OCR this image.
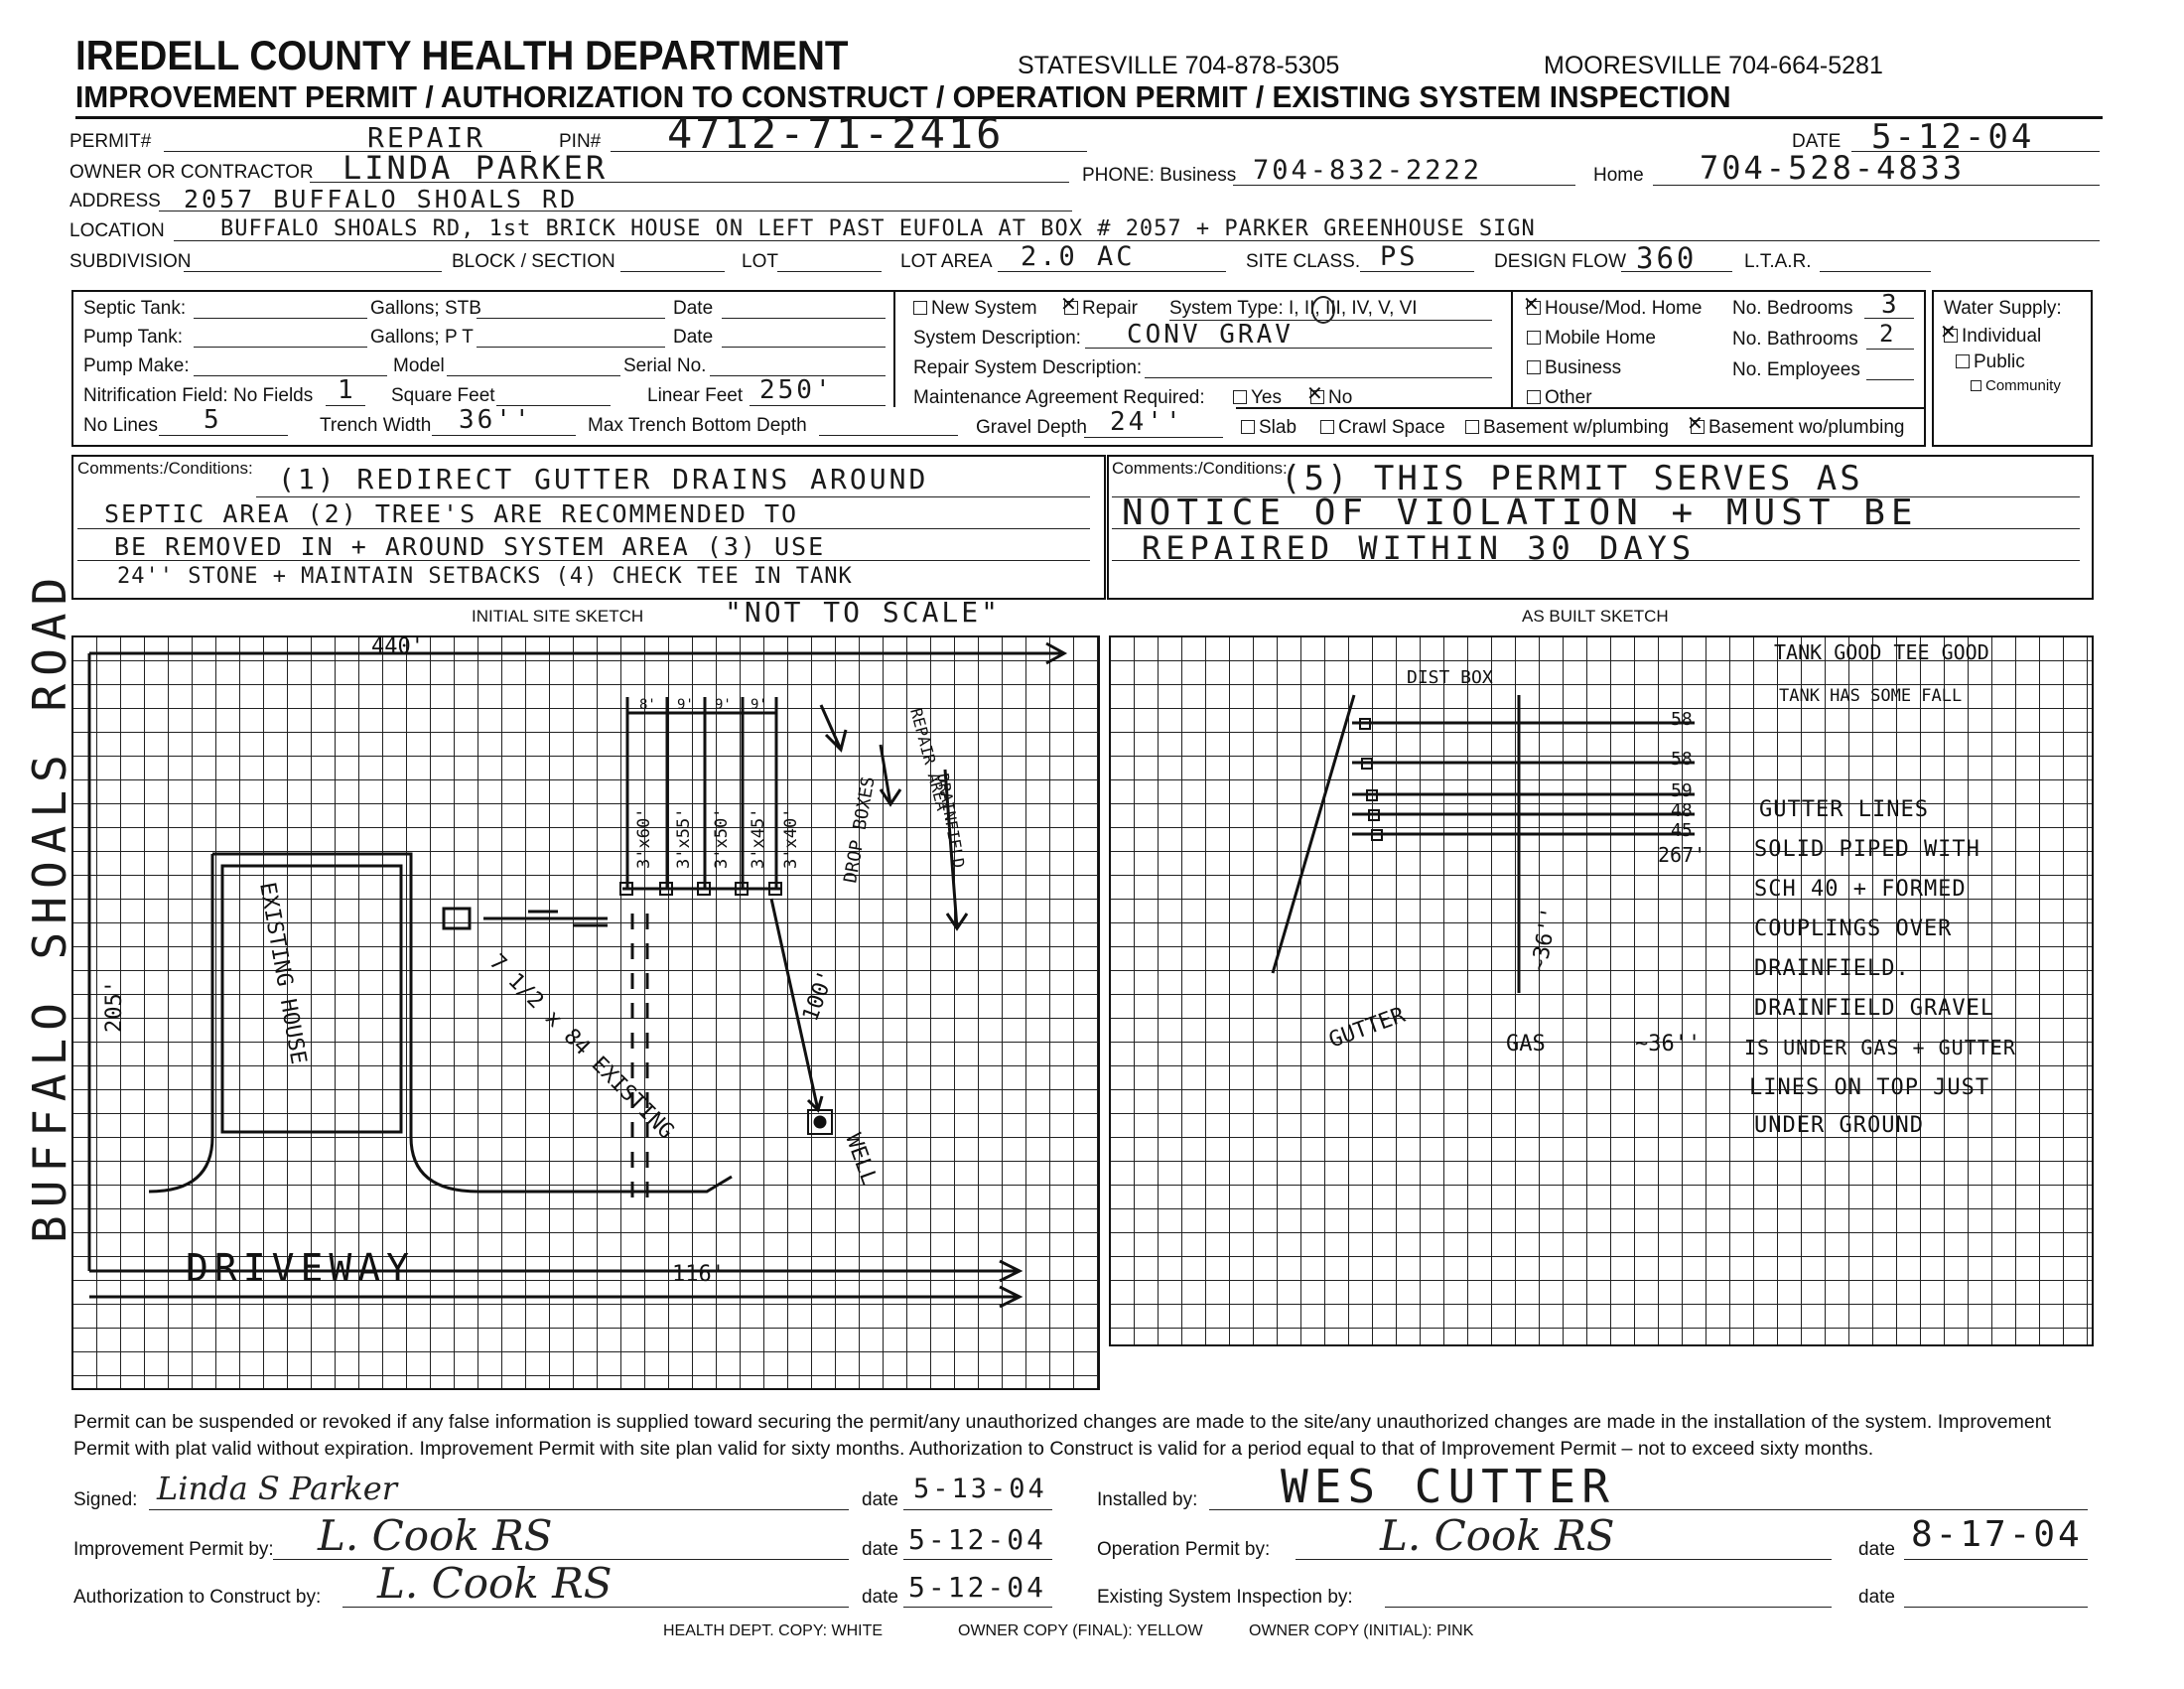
IREDELL COUNTY HEALTH DEPARTMENT	STATESVILLE 704-878-5305	MOORESVILLE 704-664-5281
IMPROVEMENT PERMIT / AUTHORIZATION TO CONSTRUCT / OPERATION PERMIT / EXISTING SYSTEM INSPECTION
PERMIT#	REPAIR	PIN# 4712-71-2416	DATE 5-12-04
OWNER OR CONTRACTOR LINDA PARKER	PHONE: Business 704-832-2222	Home 704-528-4833
ADDRESS 2057 BUFFALO SHOALS RD
LOCATION	BUFFALO SHOALS RD, 1st BRICK HOUSE ON LEFT PAST EUFOLA AT BOX # 2057 + PARKER GREENHOUSE SIGN
SUBDIVISION	BLOCK / SECTION	LOT	LOT AREA 2.0 AC	SITE CLASS. PS	DESIGN FLOW 360	L.T.A.R.
Septic Tank:	Gallons; STB	Date
Pump Tank:	Gallons; P T	Date
Pump Make:	Model	Serial No.
Nitrification Field: No Fields 1 Square Feet	Linear Feet 250'
No Lines 5	Trench Width 36''	Max Trench Bottom Depth
New System ✕	Repair System Type: I, II, III, IV, V, VI
System Description: CONV GRAV
Repair System Description:
Maintenance Agreement Required:	Yes ✕	No
Gravel Depth 24''	Slab	Crawl Space	Basement w/plumbing ✕	Basement wo/plumbing
✕House/Mod. Home
Mobile Home
Business
Other
No. Bedrooms 3
No. Bathrooms 2
No. Employees
Water Supply:
✕Individual
Public
Community
Comments:/Conditions: (1) REDIRECT GUTTER DRAINS AROUND
SEPTIC AREA (2) TREE'S ARE RECOMMENDED TO
BE REMOVED IN + AROUND SYSTEM AREA (3) USE
24'' STONE + MAINTAIN SETBACKS (4) CHECK TEE IN TANK
Comments:/Conditions:
(5) THIS PERMIT SERVES AS
NOTICE OF VIOLATION + MUST BE
REPAIRED WITHIN 30 DAYS
INITIAL SITE SKETCH	"NOT TO SCALE"
BUFFALO SHOALS ROAD	440'
205'	EXISTING HOUSE	7 1/2 x 84 EXISTING
WELL
100'
DROP BOXES
REPAIR AREA
DRAINFIELD
DRIVEWAY	116'
3'x60' 3'x55' 3'x50' 3'x45' 3'x40'
8' 9' 9' 9'
AS BUILT SKETCH
TANK GOOD TEE GOOD
TANK HAS SOME FALL
DIST BOX
58
58
59
48
45
267'
GUTTER	GAS
~36''
~36''
GUTTER LINES
SOLID PIPED WITH
SCH 40 + FORMED
COUPLINGS OVER
DRAINFIELD.
DRAINFIELD GRAVEL
IS UNDER GAS + GUTTER
LINES ON TOP JUST
UNDER GROUND
Permit can be suspended or revoked if any false information is supplied toward securing the permit/any unauthorized changes are made to the site/any unauthorized changes are made in the installation of the system. Improvement
Permit with plat valid without expiration. Improvement Permit with site plan valid for sixty months. Authorization to Construct is valid for a period equal to that of Improvement Permit – not to exceed sixty months.
Signed: Linda S Parker	date 5-13-04	Installed by: WES CUTTER
Improvement Permit by: L. Cook RS	date 5-12-04	Operation Permit by:	L. Cook RS	date 8-17-04
Authorization to Construct by: L. Cook RS	date 5-12-04	Existing System Inspection by:	date
HEALTH DEPT. COPY: WHITE	OWNER COPY (FINAL): YELLOW	OWNER COPY (INITIAL): PINK
